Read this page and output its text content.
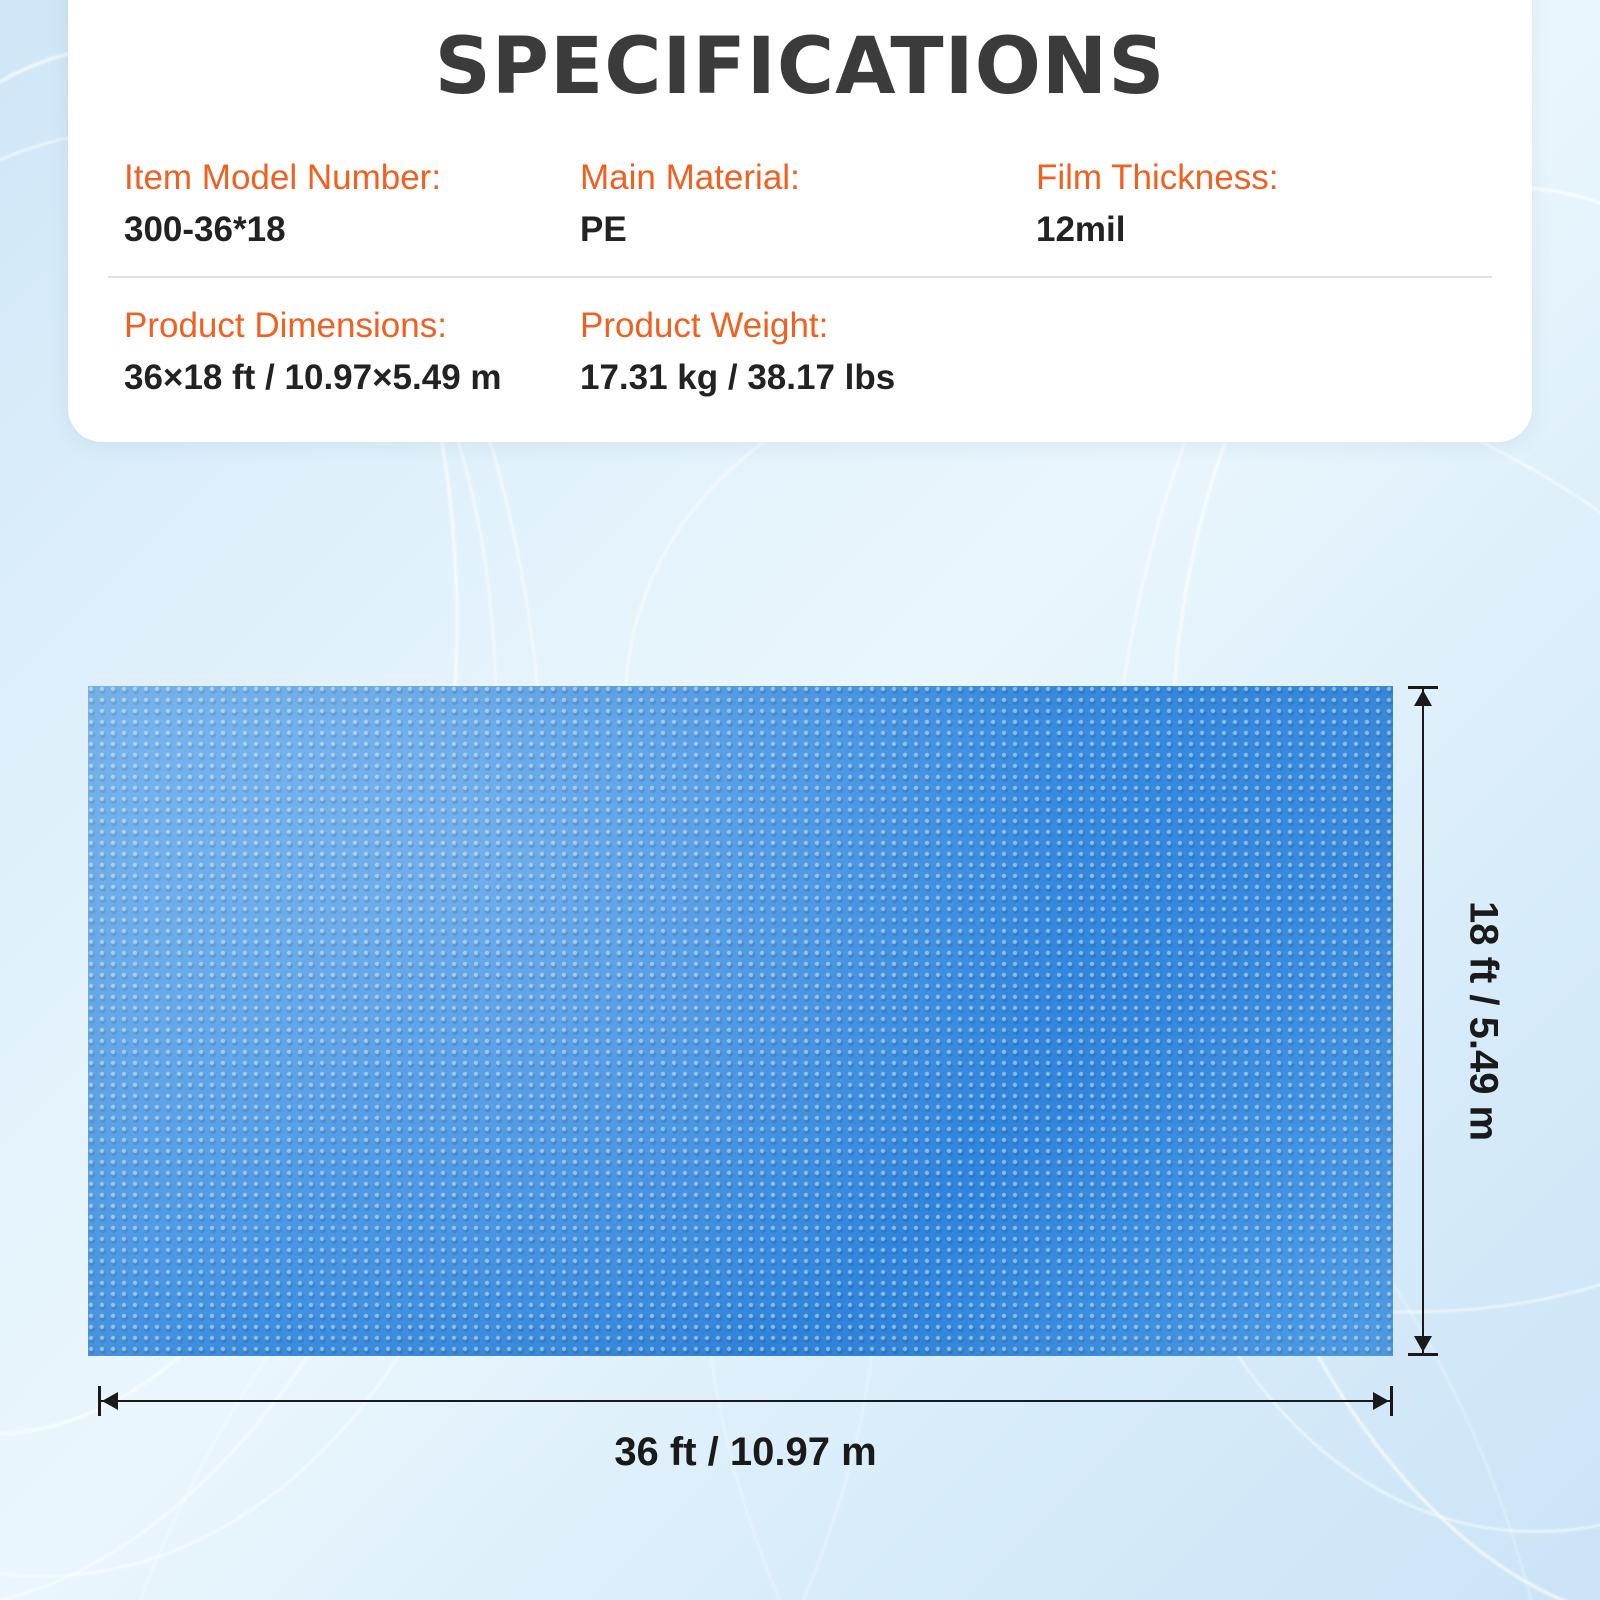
SPECIFICATIONS
Item Model Number:
300-36*18
Main Material:
PE
Film Thickness:
12mil
Product Dimensions:
36×18 ft / 10.97×5.49 m
Product Weight:
17.31 kg / 38.17 lbs
18 ft / 5.49 m
36 ft / 10.97 m
